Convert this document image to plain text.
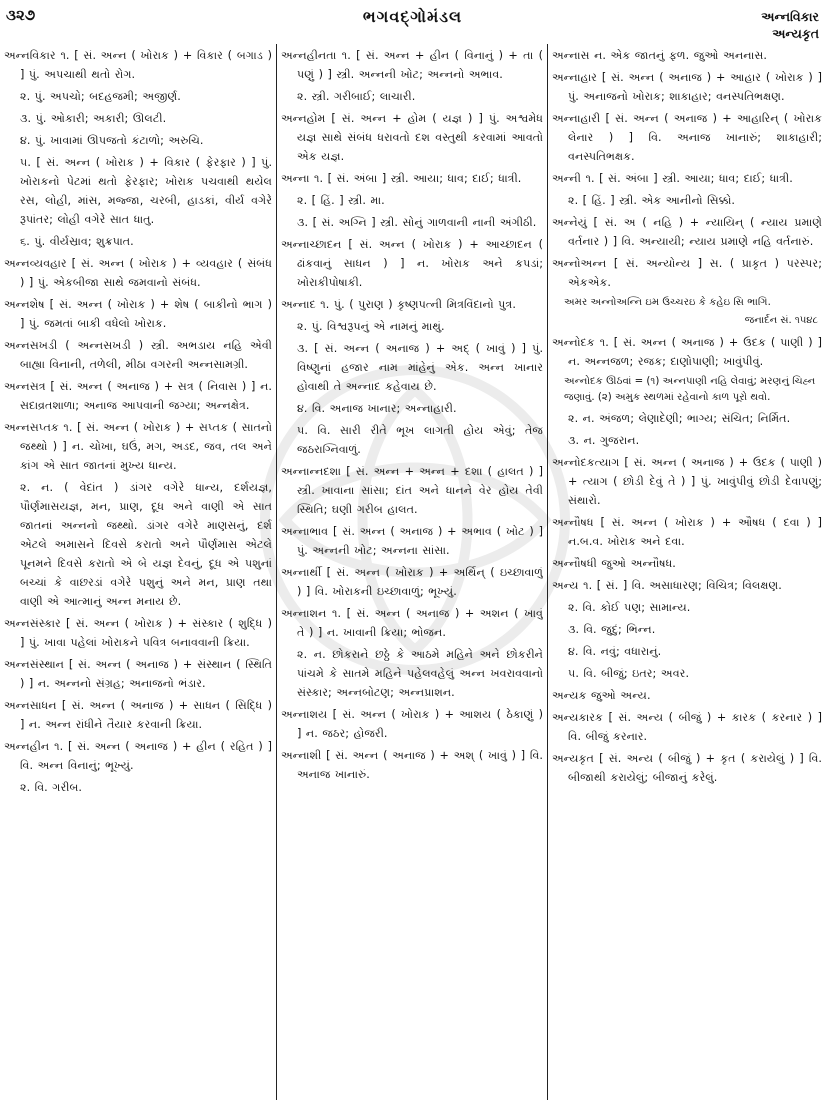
૩૨૭	ભગવદ્ગોમંડલ	અન્નવિકાર
અન્યકૃત
અન્નવિકાર ૧. [ સં. અન્ન ( ખોરાક ) + વિકાર ( બગાડ ) ] પું. અપચાથી થતો રોગ.
૨. પું. અપચો; બદહજમી; અજીર્ણ.
૩. પું. ઓકારી; અકારી; ઊલટી.
૪. પું. ખાવામાં ઊપજતો કંટાળો; અરુચિ.
૫. [ સં. અન્ન ( ખોરાક ) + વિકાર ( ફેરફાર ) ] પું. ખોરાકનો પેટમાં થતો ફેરફાર; ખોરાક પચવાથી થયેલ રસ, લોહી, માંસ, મજ્જા, ચરબી, હાડકાં, વીર્ય વગેરે રૂપાંતર; લોહી વગેરે સાત ધાતુ.
૬. પું. વીર્યસ્રાવ; શુક્રપાત.
અન્નવ્યવહાર [ સં. અન્ન ( ખોરાક ) + વ્યવહાર ( સંબંધ ) ] પું. એકબીજા સાથે જમવાનો સંબંધ.
અન્નશેષ [ સં. અન્ન ( ખોરાક ) + શેષ ( બાકીનો ભાગ ) ] પું. જમતાં બાકી વધેલો ખોરાક.
અન્નસખડી ( અન્નસખડી ) સ્ત્રી. અભડાય નહિ એવી બાહ્યા વિનાની, તળેલી, મીઠા વગરની અન્નસામગ્રી.
અન્નસત્ર [ સં. અન્ન ( અનાજ ) + સત્ર ( નિવાસ ) ] ન. સદાવ્રતશાળા; અનાજ આપવાની જગ્યા; અન્નક્ષેત્ર.
અન્નસપ્તક ૧. [ સં. અન્ન ( ખોરાક ) + સપ્તક ( સાતનો જથ્થો ) ] ન. ચોખા, ઘઉં, મગ, અડદ, જવ, તલ અને કાંગ એ સાત જાતનાં મુખ્ય ધાન્ય.
૨. ન. ( વેદાંત ) ડાંગર વગેરે ધાન્ય, દર્શયજ્ઞ, પૌર્ણમાસયજ્ઞ, મન, પ્રાણ, દૂધ અને વાણી એ સાત જાતનાં અન્નનો જથ્થો. ડાંગર વગેરે માણસનું, દર્શ એટલે અમાસને દિવસે કરાતો અને પૌર્ણમાસ એટલે પૂનમને દિવસે કરાતો એ બે યજ્ઞ દેવનું, દૂધ એ પશુનાં બચ્ચાં કે વાછરડાં વગેરે પશુનું અને મન, પ્રાણ તથા વાણી એ આત્માનું અન્ન મનાય છે.
અન્નસંસ્કાર [ સં. અન્ન ( ખોરાક ) + સંસ્કાર ( શુદ્ધિ ) ] પું. ખાવા પહેલાં ખોરાકને પવિત્ર બનાવવાની ક્રિયા.
અન્નસંસ્થાન [ સં. અન્ન ( અનાજ ) + સંસ્થાન ( સ્થિતિ ) ] ન. અન્નનો સંગ્રહ; અનાજનો ભંડાર.
અન્નસાધન [ સં. અન્ન ( અનાજ ) + સાધન ( સિદ્ધિ ) ] ન. અન્ન રાંધીને તૈયાર કરવાની ક્રિયા.
અન્નહીન ૧. [ સં. અન્ન ( અનાજ ) + હીન ( રહિત ) ] વિ. અન્ન વિનાનું; ભૂખ્યું.
૨. વિ. ગરીબ.
અન્નહીનતા ૧. [ સં. અન્ન + હીન ( વિનાનું ) + તા ( પણું ) ] સ્ત્રી. અન્નની ખોટ; અન્નનો અભાવ.
૨. સ્ત્રી. ગરીબાઈ; લાચારી.
અન્નહોમ [ સં. અન્ન + હોમ ( યજ્ઞ ) ] પું. અશ્વમેધ યજ્ઞ સાથે સંબંધ ધરાવતો દશ વસ્તુથી કરવામાં આવતો એક યજ્ઞ.
અન્ના ૧. [ સં. અંબા ] સ્ત્રી. આયા; ધાવ; દાઈ; ધાત્રી.
૨. [ હિં. ] સ્ત્રી. મા.
૩. [ સં. અગ્નિ ] સ્ત્રી. સોનું ગાળવાની નાની અંગીઠી.
અન્નાચ્છાદન [ સં. અન્ન ( ખોરાક ) + આચ્છાદન ( ઢાંકવાનું સાધન ) ] ન. ખોરાક અને કપડાં; ખોરાકીપોષાકી.
અન્નાદ ૧. પું. ( પુરાણ ) કૃષ્ણપત્ની મિત્રવિંદાનો પુત્ર.
૨. પું. વિશ્વરૂપનું એ નામનું માથું.
૩. [ સં. અન્ન ( અનાજ ) + અદ્ ( ખાવું ) ] પું. વિષ્ણુનાં હજાર નામ માંહેનું એક. અન્ન ખાનાર હોવાથી તે અન્નાદ કહેવાય છે.
૪. વિ. અનાજ ખાનાર; અન્નાહારી.
૫. વિ. સારી રીતે ભૂખ લાગતી હોય એવું; તેજ જઠરાગ્નિવાળું.
અન્નાન્નદશા [ સં. અન્ન + અન્ન + દશા ( હાલત ) ] સ્ત્રી. ખાવાના સાંસા; દાંત અને ધાનને વેર હોય તેવી સ્થિતિ; ઘણી ગરીબ હાલત.
અન્નાભાવ [ સં. અન્ન ( અનાજ ) + અભાવ ( ખોટ ) ] પું. અન્નની ખોટ; અન્નના સાંસા.
અન્નાર્થી [ સં. અન્ન ( ખોરાક ) + અર્થિન્ ( ઇચ્છાવાળું ) ] વિ. ખોરાકની ઇચ્છાવાળું; ભૂખ્યું.
અન્નાશન ૧. [ સં. અન્ન ( અનાજ ) + અશન ( ખાવું તે ) ] ન. ખાવાની ક્રિયા; ભોજન.
૨. ન. છોકરાને છઠ્ઠે કે આઠમે મહિને અને છોકરીને પાંચમે કે સાતમે મહિને પહેલવહેલું અન્ન ખવરાવવાનો સંસ્કાર; અન્નબોટણ; અન્નપ્રાશન.
અન્નાશય [ સં. અન્ન ( ખોરાક ) + આશય ( ઠેકાણું ) ] ન. જઠર; હોજરી.
અન્નાશી [ સં. અન્ન ( અનાજ ) + અશ્ ( ખાવું ) ] વિ. અનાજ ખાનારું.
અન્નાસ ન. એક જાતનું ફળ. જુઓ અનનાસ.
અન્નાહાર [ સં. અન્ન ( અનાજ ) + આહાર ( ખોરાક ) ] પું. અનાજનો ખોરાક; શાકાહાર; વનસ્પતિભક્ષણ.
અન્નાહારી [ સં. અન્ન ( અનાજ ) + આહારિન્ ( ખોરાક લેનાર ) ] વિ. અનાજ ખાનારું; શાકાહારી; વનસ્પતિભક્ષક.
અન્ની ૧. [ સં. અંબા ] સ્ત્રી. આયા; ધાવ; દાઈ; ધાત્રી.
૨. [ હિં. ] સ્ત્રી. એક આનીનો સિક્કો.
અન્નેયું [ સં. અ ( નહિ ) + ન્યાયિન્ ( ન્યાય પ્રમાણે વર્તનાર ) ] વિ. અન્યાયી; ન્યાય પ્રમાણે નહિ વર્તનારું.
અન્નોઅન્ન [ સં. અન્યોન્ય ] સ. ( પ્રાકૃત ) પરસ્પર; એકએક.
અમર અન્નોઅન્નિ ઇમ ઉચ્ચરઇ કે કહેઇ સિ ભાગિ.
જનાર્દન સં. ૧૫૪૮
અન્નોદક ૧. [ સં. અન્ન ( અનાજ ) + ઉદક ( પાણી ) ] ન. અન્નજળ; રજક; દાણોપાણી; ખાવુંપીવું.
અન્નોદક ઊઠવાં = (૧) અન્નપાણી નહિ લેવાવું; મરણનું ચિહ્ન જણાવું. (૨) અમુક સ્થળમાં રહેવાનો કાળ પૂરો થવો.
૨. ન. અંજળ; લેણાદેણી; ભાગ્ય; સંચિત; નિર્મિત.
૩. ન. ગુજરાન.
અન્નોદકત્યાગ [ સં. અન્ન ( અનાજ ) + ઉદક ( પાણી ) + ત્યાગ ( છોડી દેવું તે ) ] પું. ખાવુંપીવું છોડી દેવાપણું; સંથારો.
અન્નૌષધ [ સં. અન્ન ( ખોરાક ) + ઔષધ ( દવા ) ] ન.બ.વ. ખોરાક અને દવા.
અન્નૌષધી જુઓ અન્નૌષધ.
અન્ય ૧. [ સં. ] વિ. અસાધારણ; વિચિત્ર; વિલક્ષણ.
૨. વિ. કોઈ પણ; સામાન્ય.
૩. વિ. જુદું; ભિન્ન.
૪. વિ. નવું; વધારાનું.
૫. વિ. બીજું; ઇતર; અવર.
અન્યક જુઓ અન્ય.
અન્યકારક [ સં. અન્ય ( બીજું ) + કારક ( કરનાર ) ] વિ. બીજું કરનાર.
અન્યકૃત [ સં. અન્ય ( બીજું ) + કૃત ( કરાયેલું ) ] વિ. બીજાથી કરાયેલું; બીજાનું કરેલું.
